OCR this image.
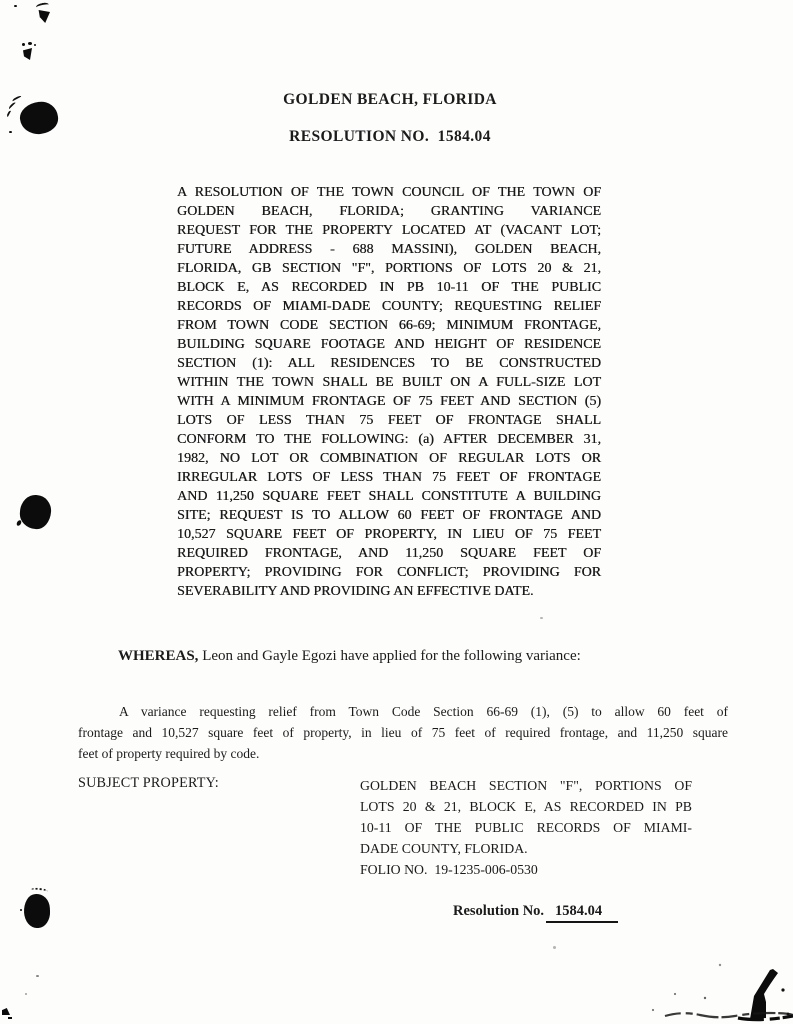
GOLDEN BEACH, FLORIDA
RESOLUTION NO.  1584.04
A RESOLUTION OF THE TOWN COUNCIL OF THE TOWN OF
GOLDEN BEACH, FLORIDA; GRANTING VARIANCE
REQUEST FOR THE PROPERTY LOCATED AT (VACANT LOT;
FUTURE ADDRESS - 688 MASSINI), GOLDEN BEACH,
FLORIDA, GB SECTION "F", PORTIONS OF LOTS 20 & 21,
BLOCK E, AS RECORDED IN PB 10-11 OF THE PUBLIC
RECORDS OF MIAMI-DADE COUNTY; REQUESTING RELIEF
FROM TOWN CODE SECTION 66-69; MINIMUM FRONTAGE,
BUILDING SQUARE FOOTAGE AND HEIGHT OF RESIDENCE
SECTION (1): ALL RESIDENCES TO BE CONSTRUCTED
WITHIN THE TOWN SHALL BE BUILT ON A FULL-SIZE LOT
WITH A MINIMUM FRONTAGE OF 75 FEET AND SECTION (5)
LOTS OF LESS THAN 75 FEET OF FRONTAGE SHALL
CONFORM TO THE FOLLOWING: (a) AFTER DECEMBER 31,
1982, NO LOT OR COMBINATION OF REGULAR LOTS OR
IRREGULAR LOTS OF LESS THAN 75 FEET OF FRONTAGE
AND 11,250 SQUARE FEET SHALL CONSTITUTE A BUILDING
SITE; REQUEST IS TO ALLOW 60 FEET OF FRONTAGE AND
10,527 SQUARE FEET OF PROPERTY, IN LIEU OF 75 FEET
REQUIRED FRONTAGE, AND 11,250 SQUARE FEET OF
PROPERTY; PROVIDING FOR CONFLICT; PROVIDING FOR
SEVERABILITY AND PROVIDING AN EFFECTIVE DATE.

WHEREAS, Leon and Gayle Egozi have applied for the following variance:

A variance requesting relief from Town Code Section 66-69 (1), (5) to allow 60 feet of
frontage and 10,527 square feet of property, in lieu of 75 feet of required frontage, and 11,250 square
feet of property required by code.
SUBJECT PROPERTY:	GOLDEN BEACH SECTION "F", PORTIONS OF
LOTS 20 & 21, BLOCK E, AS RECORDED IN PB
10-11 OF THE PUBLIC RECORDS OF MIAMI-
DADE COUNTY, FLORIDA.
FOLIO NO.  19-1235-006-0530
Resolution No. 1584.04
